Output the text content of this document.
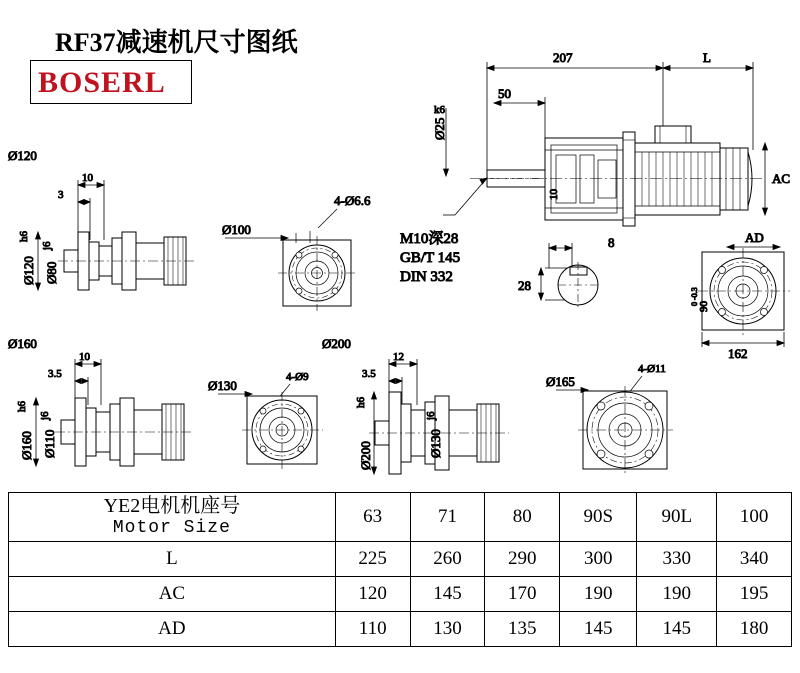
RF37减速机尺寸图纸
BOSERL
207	L
50
Ø25
k6
AC
10
M10深28
GB/T 145
DIN 332
8
28
AD
90
0 -0.3
162
Ø120
10
3
Ø120
h6
Ø80
j6
4-Ø6.6
Ø100
Ø160
10
3.5
Ø160
h6
Ø110
j6
4-Ø9
Ø130
Ø200
12
3.5
Ø200
h6
Ø130
j6
4-Ø11
Ø165
YE2电机机座号
Motor Size	63	71	80	90S	90L	100
L	225	260	290	300	330	340
AC	120	145	170	190	190	195
AD	110	130	135	145	145	180
